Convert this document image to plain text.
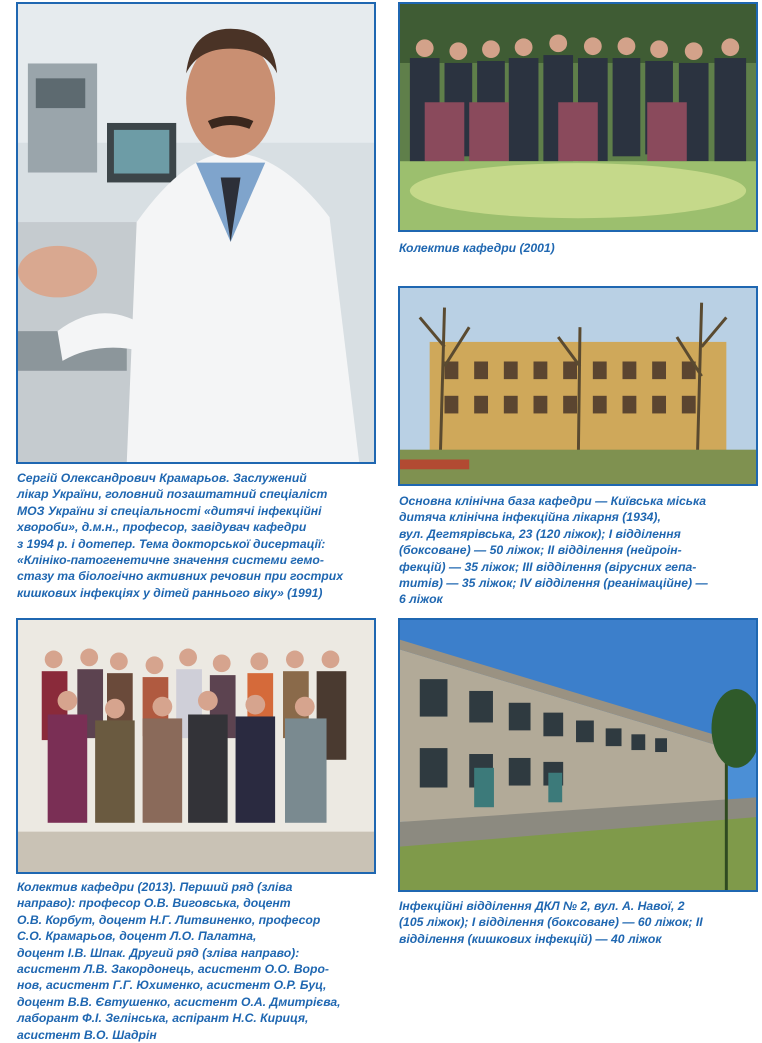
Колектив кафедри (2001)

Сергій Олександрович Крамарьов. Заслужений
лікар України, головний позаштатний спеціаліст
МОЗ України зі спеціальності «дитячі інфекційні
хвороби», д.м.н., професор, завідувач кафедри
з 1994 р. і дотепер. Тема докторської дисертації:
«Клініко-патогенетичне значення системи гемо-
стазу та біологічно активних речовин при гострих
кишкових інфекціях у дітей раннього віку» (1991)

Основна клінічна база кафедри — Київська міська
дитяча клінічна інфекційна лікарня (1934),
вул. Дегтярівська, 23 (120 ліжок); І відділення
(боксоване) — 50 ліжок; ІІ відділення (нейроін-
фекцій) — 35 ліжок; ІІІ відділення (вірусних гепа-
титів) — 35 ліжок; IV відділення (реанімаційне) —
6 ліжок

Колектив кафедри (2013). Перший ряд (зліва
направо): професор О.В. Виговська, доцент
О.В. Корбут, доцент Н.Г. Литвиненко, професор
С.О. Крамарьов, доцент Л.О. Палатна,
доцент І.В. Шпак. Другий ряд (зліва направо):
асистент Л.В. Закордонець, асистент О.О. Воро-
нов, асистент Г.Г. Юхименко, асистент О.Р. Буц,
доцент В.В. Євтушенко, асистент О.А. Дмитрієва,
лаборант Ф.І. Зелінська, аспірант Н.С. Кириця,
асистент В.О. Шадрін

Інфекційні відділення ДКЛ № 2, вул. А. Навої, 2
(105 ліжок); І відділення (боксоване) — 60 ліжок; ІІ
відділення (кишкових інфекцій) — 40 ліжок
